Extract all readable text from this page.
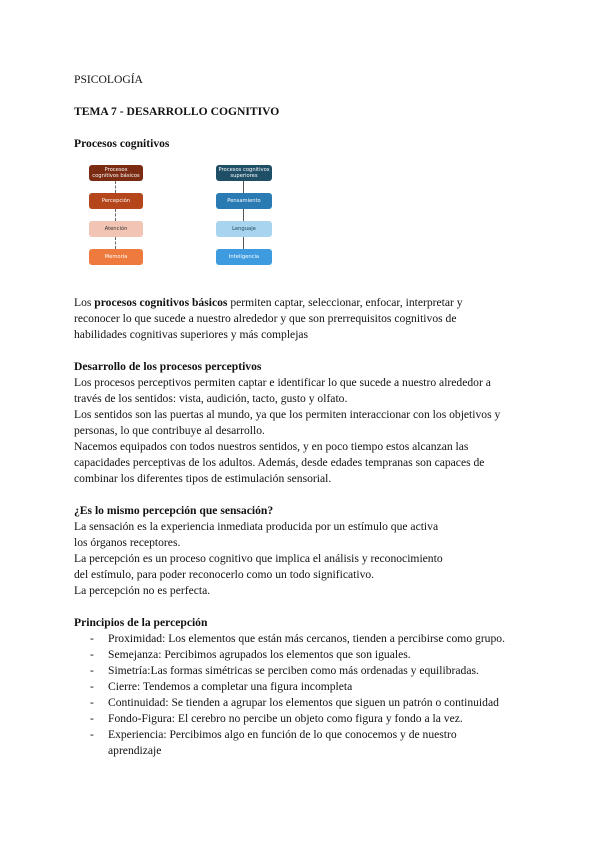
Procesos cognitivos básicos
Percepción
Atención
Memoria
Procesos cognitivos superiores
Pensamiento
Lenguaje
Inteligencia
PSICOLOGÍA
TEMA 7 - DESARROLLO COGNITIVO
Procesos cognitivos
Los procesos cognitivos básicos permiten captar, seleccionar, enfocar, interpretar y
reconocer lo que sucede a nuestro alrededor y que son prerrequisitos cognitivos de
habilidades cognitivas superiores y más complejas
Desarrollo de los procesos perceptivos
Los procesos perceptivos permiten captar e identificar lo que sucede a nuestro alrededor a
través de los sentidos: vista, audición, tacto, gusto y olfato.
Los sentidos son las puertas al mundo, ya que los permiten interaccionar con los objetivos y
personas, lo que contribuye al desarrollo.
Nacemos equipados con todos nuestros sentidos, y en poco tiempo estos alcanzan las
capacidades perceptivas de los adultos. Además, desde edades tempranas son capaces de
combinar los diferentes tipos de estimulación sensorial.
¿Es lo mismo percepción que sensación?
La sensación es la experiencia inmediata producida por un estímulo que activa
los órganos receptores.
La percepción es un proceso cognitivo que implica el análisis y reconocimiento
del estímulo, para poder reconocerlo como un todo significativo.
La percepción no es perfecta.
Principios de la percepción
- Proximidad: Los elementos que están más cercanos, tienden a percibirse como grupo.
- Semejanza: Percibimos agrupados los elementos que son iguales.
- Simetría:Las formas simétricas se perciben como más ordenadas y equilibradas.
- Cierre: Tendemos a completar una figura incompleta
- Continuidad: Se tienden a agrupar los elementos que siguen un patrón o continuidad
- Fondo-Figura: El cerebro no percibe un objeto como figura y fondo a la vez.
- Experiencia: Percibimos algo en función de lo que conocemos y de nuestro
aprendizaje
